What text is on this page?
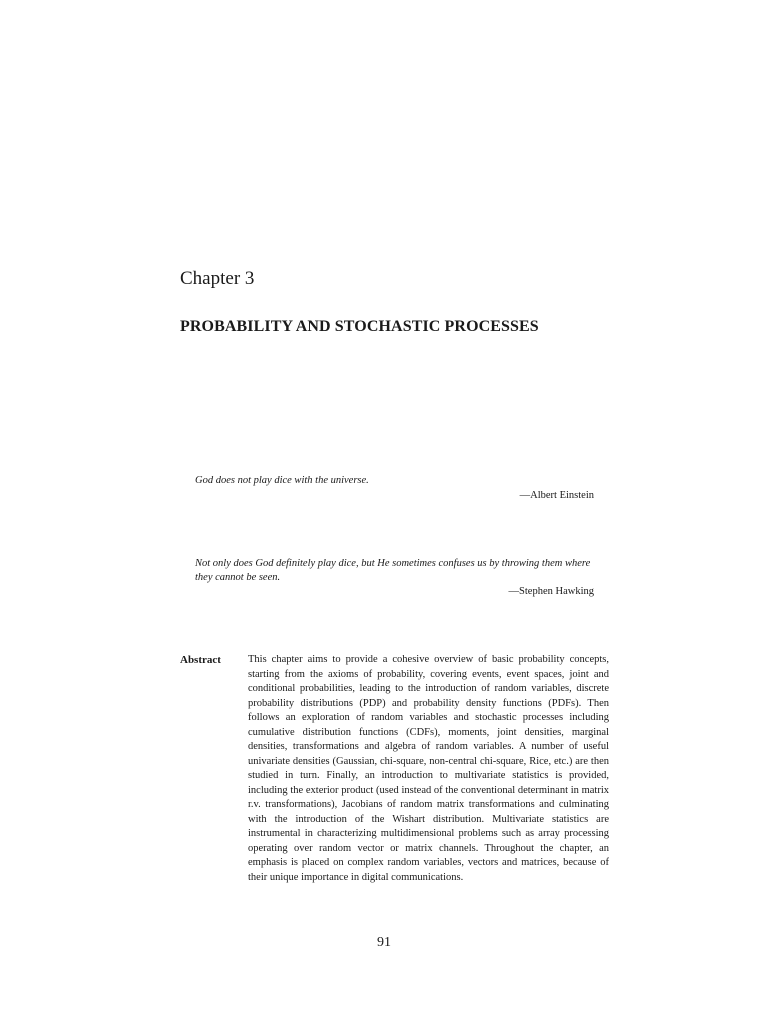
Chapter 3
PROBABILITY AND STOCHASTIC PROCESSES

God does not play dice with the universe.

—Albert Einstein

Not only does God definitely play dice, but He sometimes confuses us by throwing them where they cannot be seen.

—Stephen Hawking

Abstract	This chapter aims to provide a cohesive overview of basic probability concepts, starting from the axioms of probability, covering events, event spaces, joint and conditional probabilities, leading to the introduction of random variables, discrete probability distributions (PDP) and probability density functions (PDFs). Then follows an exploration of random variables and stochastic processes including cumulative distribution functions (CDFs), moments, joint densities, marginal densities, transformations and algebra of random variables. A number of useful univariate densities (Gaussian, chi-square, non-central chi-square, Rice, etc.) are then studied in turn. Finally, an introduction to multivariate statistics is provided, including the exterior product (used instead of the conventional determinant in matrix r.v. transformations), Jacobians of random matrix transformations and culminating with the introduction of the Wishart distribution. Multivariate statistics are instrumental in characterizing multidimensional problems such as array processing operating over random vector or matrix channels. Throughout the chapter, an emphasis is placed on complex random variables, vectors and matrices, because of their unique importance in digital communications.

91
